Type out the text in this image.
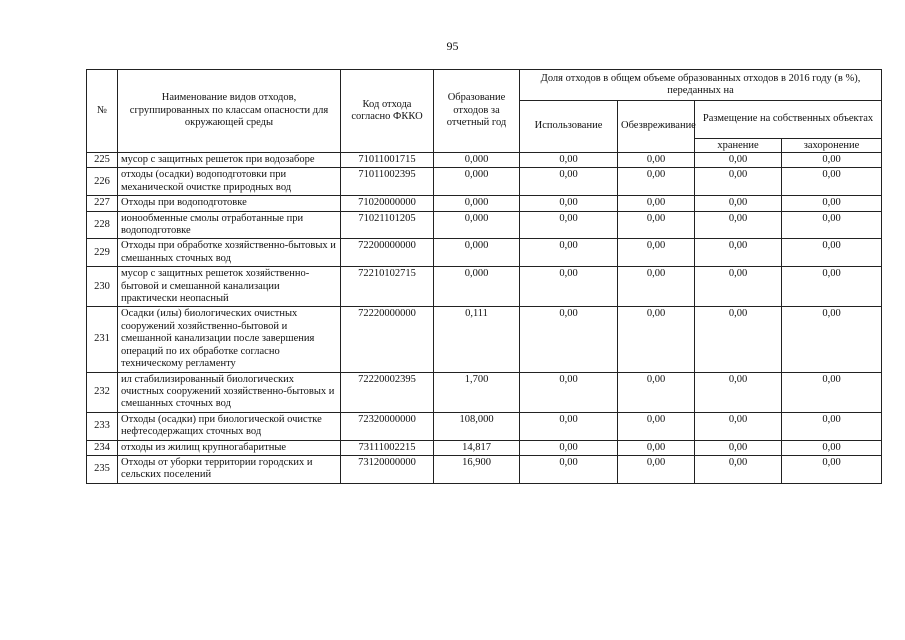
95
№	Наименование видов отходов, сгруппированных по классам опасности для окружающей среды	Код отхода согласно ФККО	Образование отходов за отчетный год	Доля отходов в общем объеме образованных отходов в 2016 году (в %), переданных на			
				Использование	Обезвреживание	Размещение на собственных объектах	
						хранение	захоронение
225	мусор с защитных решеток при водозаборе	71011001715	0,000	0,00	0,00	0,00	0,00
226	отходы (осадки) водоподготовки при механической очистке природных вод	71011002395	0,000	0,00	0,00	0,00	0,00
227	Отходы при водоподготовке	71020000000	0,000	0,00	0,00	0,00	0,00
228	ионообменные смолы отработанные при водоподготовке	71021101205	0,000	0,00	0,00	0,00	0,00
229	Отходы при обработке хозяйственно-бытовых и смешанных сточных вод	72200000000	0,000	0,00	0,00	0,00	0,00
230	мусор с защитных решеток хозяйственно-бытовой и смешанной канализации практически неопасный	72210102715	0,000	0,00	0,00	0,00	0,00
231	Осадки (илы) биологических очистных сооружений хозяйственно-бытовой и смешанной канализации после завершения операций по их обработке согласно техническому регламенту	72220000000	0,111	0,00	0,00	0,00	0,00
232	ил стабилизированный биологических очистных сооружений хозяйственно-бытовых и смешанных сточных вод	72220002395	1,700	0,00	0,00	0,00	0,00
233	Отходы (осадки) при биологической очистке нефтесодержащих сточных вод	72320000000	108,000	0,00	0,00	0,00	0,00
234	отходы из жилищ крупногабаритные	73111002215	14,817	0,00	0,00	0,00	0,00
235	Отходы от уборки территории городских и сельских поселений	73120000000	16,900	0,00	0,00	0,00	0,00
